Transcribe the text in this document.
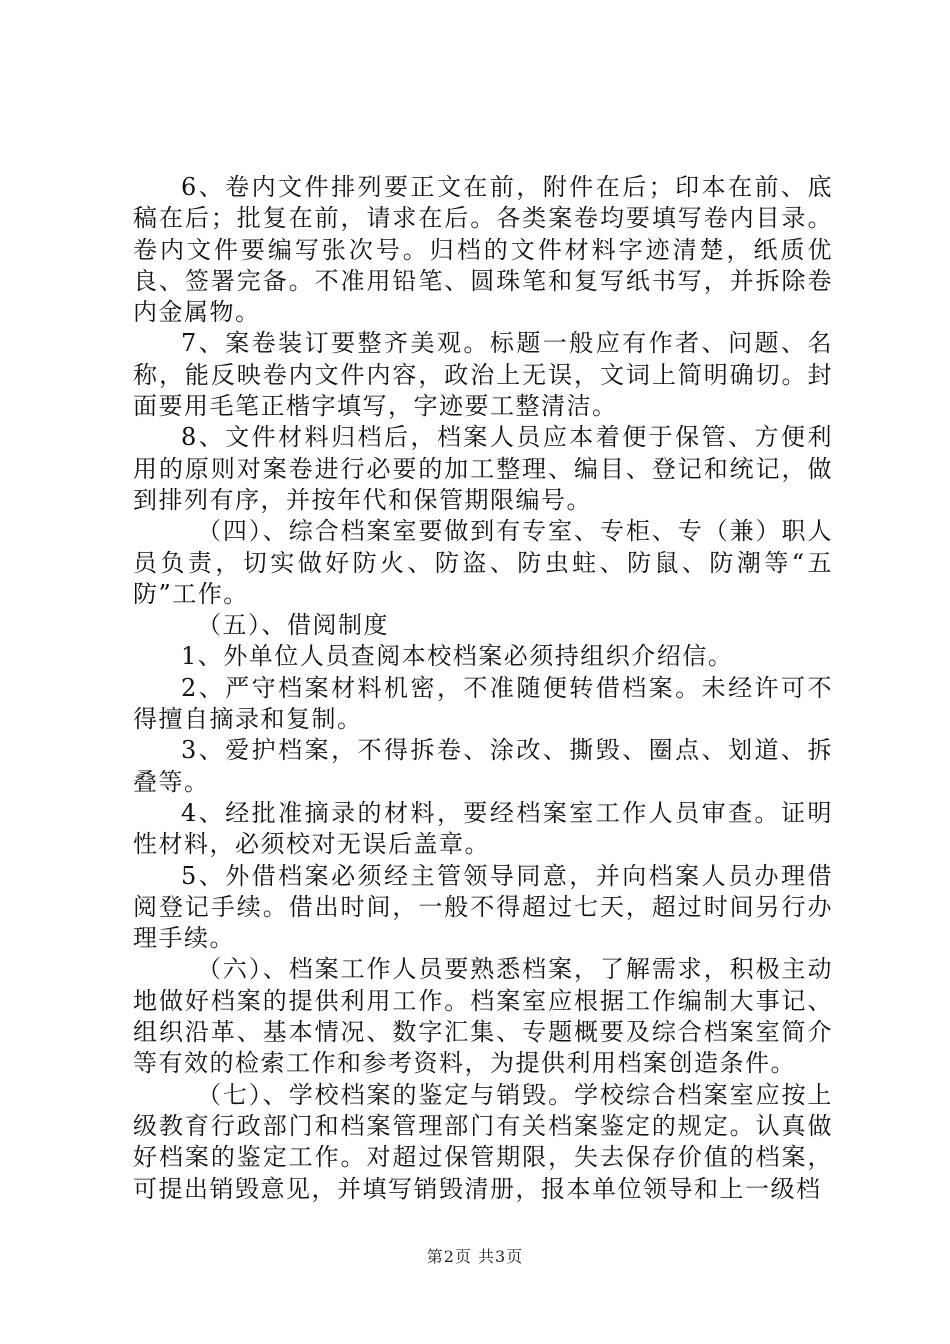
6、卷内文件排列要正文在前，附件在后；印本在前、底稿在后；批复在前，请求在后。各类案卷均要填写卷内目录。卷内文件要编写张次号。归档的文件材料字迹清楚，纸质优良、签署完备。不准用铅笔、圆珠笔和复写纸书写，并拆除卷内金属物。

7、案卷装订要整齐美观。标题一般应有作者、问题、名称，能反映卷内文件内容，政治上无误，文词上简明确切。封面要用毛笔正楷字填写，字迹要工整清洁。

8、文件材料归档后，档案人员应本着便于保管、方便利用的原则对案卷进行必要的加工整理、编目、登记和统记，做到排列有序，并按年代和保管期限编号。

（四）、综合档案室要做到有专室、专柜、专（兼）职人员负责，切实做好防火、防盗、防虫蛀、防鼠、防潮等“五防”工作。

（五）、借阅制度

1、外单位人员查阅本校档案必须持组织介绍信。

2、严守档案材料机密，不准随便转借档案。未经许可不得擅自摘录和复制。

3、爱护档案，不得拆卷、涂改、撕毁、圈点、划道、拆叠等。

4、经批准摘录的材料，要经档案室工作人员审查。证明性材料，必须校对无误后盖章。

5、外借档案必须经主管领导同意，并向档案人员办理借阅登记手续。借出时间，一般不得超过七天，超过时间另行办理手续。

（六）、档案工作人员要熟悉档案，了解需求，积极主动地做好档案的提供利用工作。档案室应根据工作编制大事记、组织沿革、基本情况、数字汇集、专题概要及综合档案室简介等有效的检索工作和参考资料，为提供利用档案创造条件。

（七）、学校档案的鉴定与销毁。学校综合档案室应按上级教育行政部门和档案管理部门有关档案鉴定的规定。认真做好档案的鉴定工作。对超过保管期限，失去保存价值的档案，可提出销毁意见，并填写销毁清册，报本单位领导和上一级档

第2页 共3页
